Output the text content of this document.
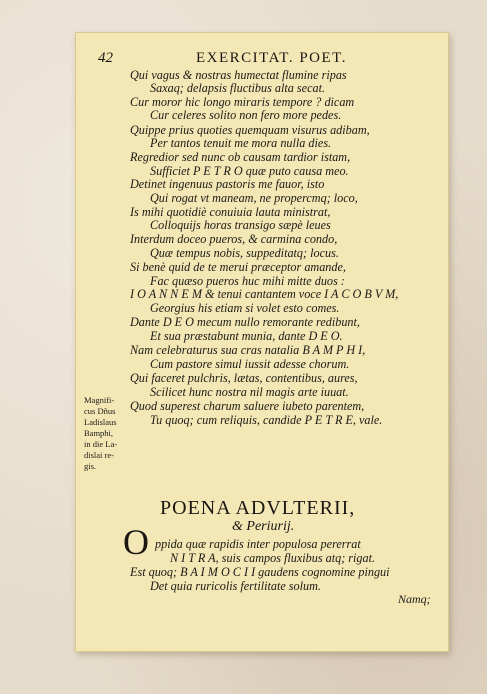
42	EXERCITAT. POET.
Qui vagus & nostras humectat flumine ripas
Saxaq; delapsis fluctibus alta secat.
Cur moror hic longo miraris tempore ? dicam
Cur celeres solito non fero more pedes.
Quippe prius quoties quemquam visurus adibam,
Per tantos tenuit me mora nulla dies.
Regredior sed nunc ob causam tardior istam,
Sufficiet P E T R O quæ puto causa meo.
Detinet ingenuus pastoris me fauor, isto
Qui rogat vt maneam, ne propercmq; loco,
Is mihi quotidiè conuiuia lauta ministrat,
Colloquijs horas transigo sæpè leues
Interdum doceo pueros, & carmina condo,
Quæ tempus nobis, suppeditatq; locus.
Si benè quid de te merui præceptor amande,
Fac quæso pueros huc mihi mitte duos :
I O A N N E M & tenui cantantem voce I A C O B V M,
Georgius his etiam si volet esto comes.
Dante D E O mecum nullo remorante redibunt,
Et sua præstabunt munia, dante D E O.
Nam celebraturus sua cras natalia B A M P H I,
Cum pastore simul iussit adesse chorum.
Qui faceret pulchris, lætas, contentibus, aures,
Scilicet hunc nostra nil magis arte iuuat.
Quod superest charum saluere iubeto parentem,
Tu quoq; cum reliquis, candide P E T R E, vale.
Magnifi-
cus Dñus
Ladislaus
Bamphi,
in die La-
dislai re-
gis.
POENA ADVLTERII,
& Periurij.
O ppida quæ rapidis inter populosa pererrat
N I T R A, suis campos fluxibus atq; rigat.
Est quoq; B A I M O C I I gaudens cognomine pingui
Det quia ruricolis fertilitate solum.
Namq;
